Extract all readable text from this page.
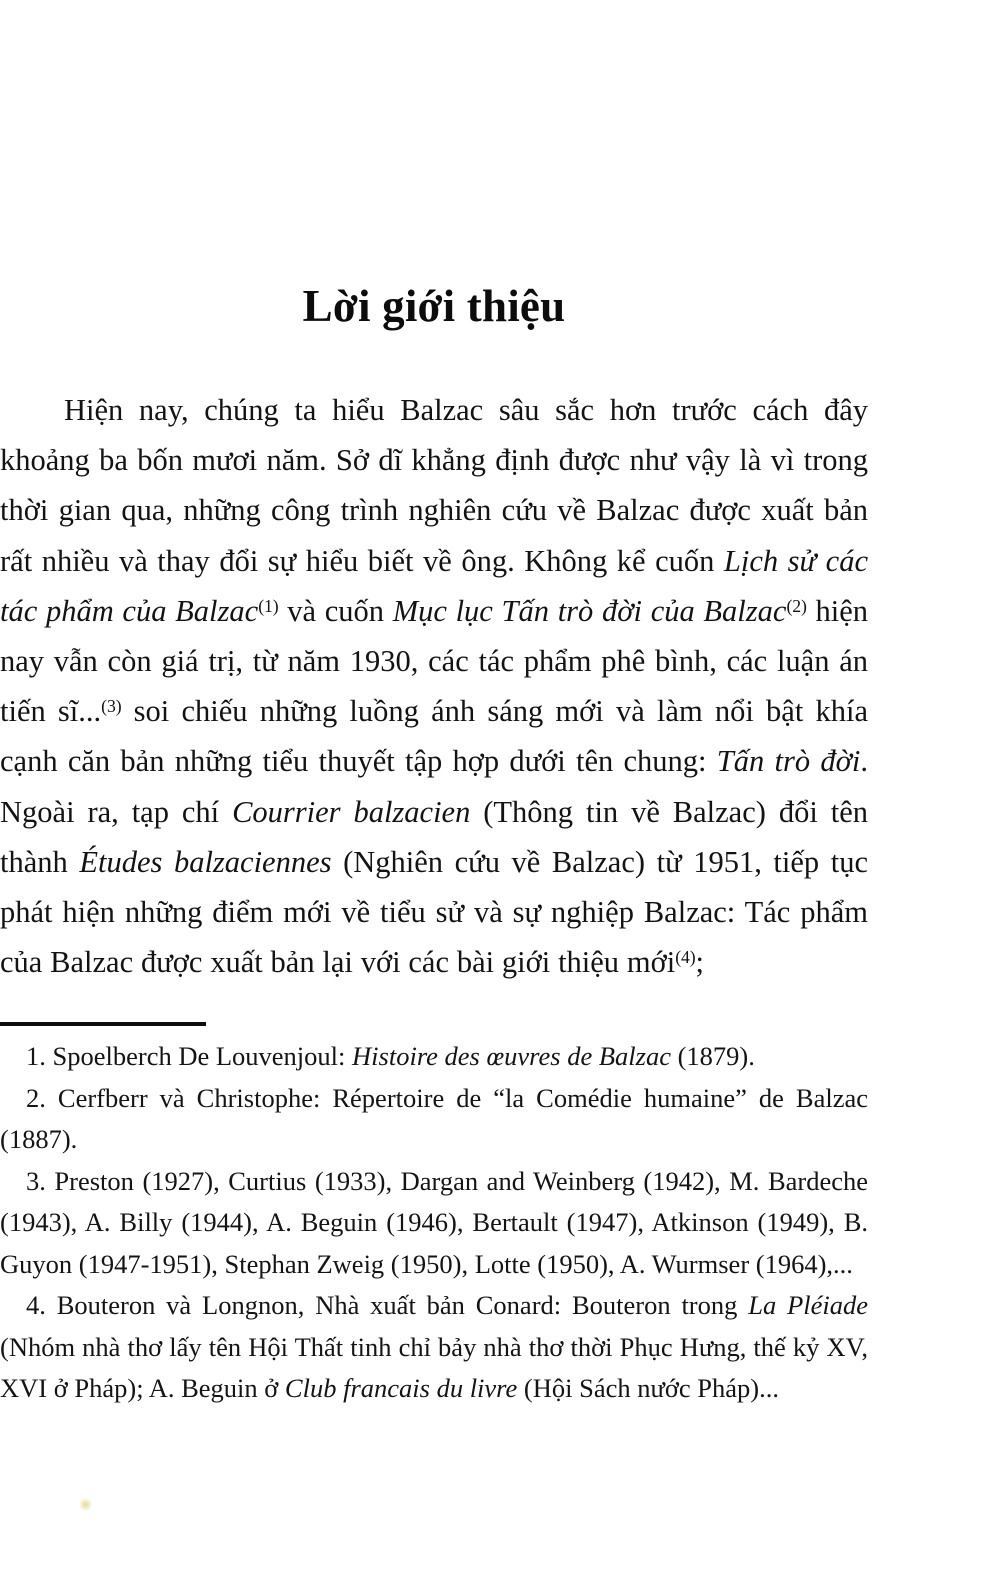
Lời giới thiệu

Hiện nay, chúng ta hiểu Balzac sâu sắc hơn trước cách đây khoảng ba bốn mươi năm. Sở dĩ khẳng định được như vậy là vì trong thời gian qua, những công trình nghiên cứu về Balzac được xuất bản rất nhiều và thay đổi sự hiểu biết về ông. Không kể cuốn Lịch sử các tác phẩm của Balzac$^{(1)}$ và cuốn Mục lục Tấn trò đời của Balzac$^{(2)}$ hiện nay vẫn còn giá trị, từ năm 1930, các tác phẩm phê bình, các luận án tiến sĩ...$^{(3)}$ soi chiếu những luồng ánh sáng mới và làm nổi bật khía cạnh căn bản những tiểu thuyết tập hợp dưới tên chung: Tấn trò đời. Ngoài ra, tạp chí Courrier balzacien (Thông tin về Balzac) đổi tên thành Études balzaciennes (Nghiên cứu về Balzac) từ 1951, tiếp tục phát hiện những điểm mới về tiểu sử và sự nghiệp Balzac: Tác phẩm của Balzac được xuất bản lại với các bài giới thiệu mới$^{(4)}$;

1. Spoelberch De Louvenjoul: Histoire des œuvres de Balzac (1879).

2. Cerfberr và Christophe: Répertoire de “la Comédie humaine” de Balzac (1887).

3. Preston (1927), Curtius (1933), Dargan and Weinberg (1942), M. Bardeche (1943), A. Billy (1944), A. Beguin (1946), Bertault (1947), Atkinson (1949), B. Guyon (1947-1951), Stephan Zweig (1950), Lotte (1950), A. Wurmser (1964),...

4. Bouteron và Longnon, Nhà xuất bản Conard: Bouteron trong La Pléiade (Nhóm nhà thơ lấy tên Hội Thất tinh chỉ bảy nhà thơ thời Phục Hưng, thế kỷ XV, XVI ở Pháp); A. Beguin ở Club francais du livre (Hội Sách nước Pháp)...
